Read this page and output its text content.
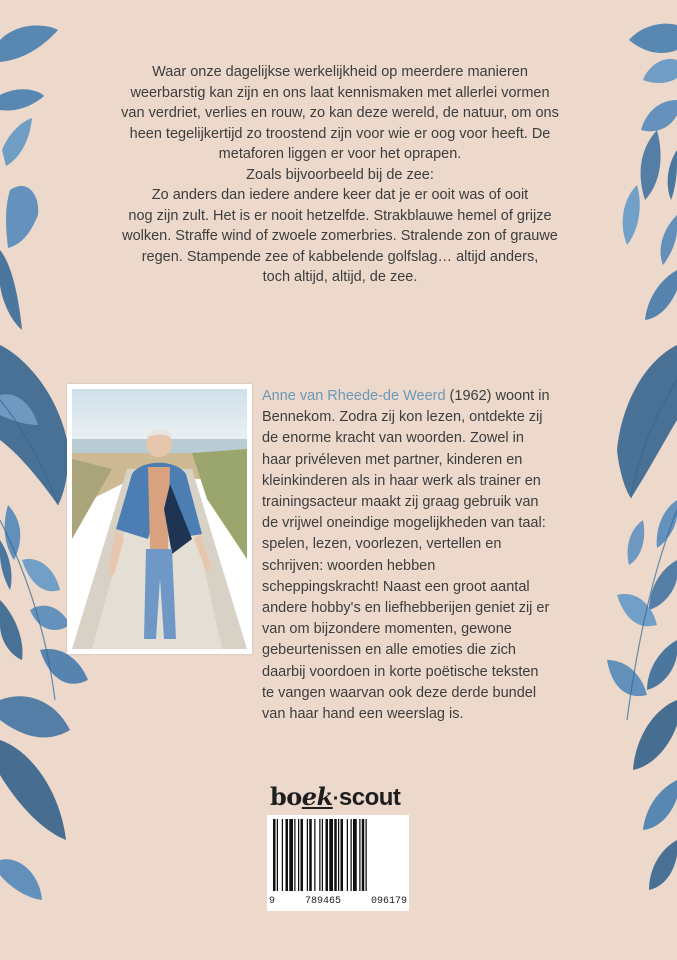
Waar onze dagelijkse werkelijkheid op meerdere manieren

weerbarstig kan zijn en ons laat kennismaken met allerlei vormen

van verdriet, verlies en rouw, zo kan deze wereld, de natuur, om ons

heen tegelijkertijd zo troostend zijn voor wie er oog voor heeft. De

metaforen liggen er voor het oprapen.

Zoals bijvoorbeeld bij de zee:

Zo anders dan iedere andere keer dat je er ooit was of ooit

nog zijn zult. Het is er nooit hetzelfde. Strakblauwe hemel of grijze

wolken. Straffe wind of zwoele zomerbries. Stralende zon of grauwe

regen. Stampende zee of kabbelende golfslag… altijd anders,

toch altijd, altijd, de zee.

Anne van Rheede-de Weerd (1962) woont in Bennekom. Zodra zij kon lezen, ontdekte zij de enorme kracht van woorden. Zowel in haar privéleven met partner, kinderen en kleinkinderen als in haar werk als trainer en trainingsacteur maakt zij graag gebruik van de vrijwel oneindige mogelijkheden van taal: spelen, lezen, voorlezen, vertellen en schrijven: woorden hebben scheppingskracht! Naast een groot aantal andere hobby's en liefhebberijen geniet zij er van om bijzondere momenten, gewone gebeurtenissen en alle emoties die zich daarbij voordoen in korte poëtische teksten te vangen waarvan ook deze derde bundel van haar hand een weerslag is.
boek·scout
9	789465	096179
